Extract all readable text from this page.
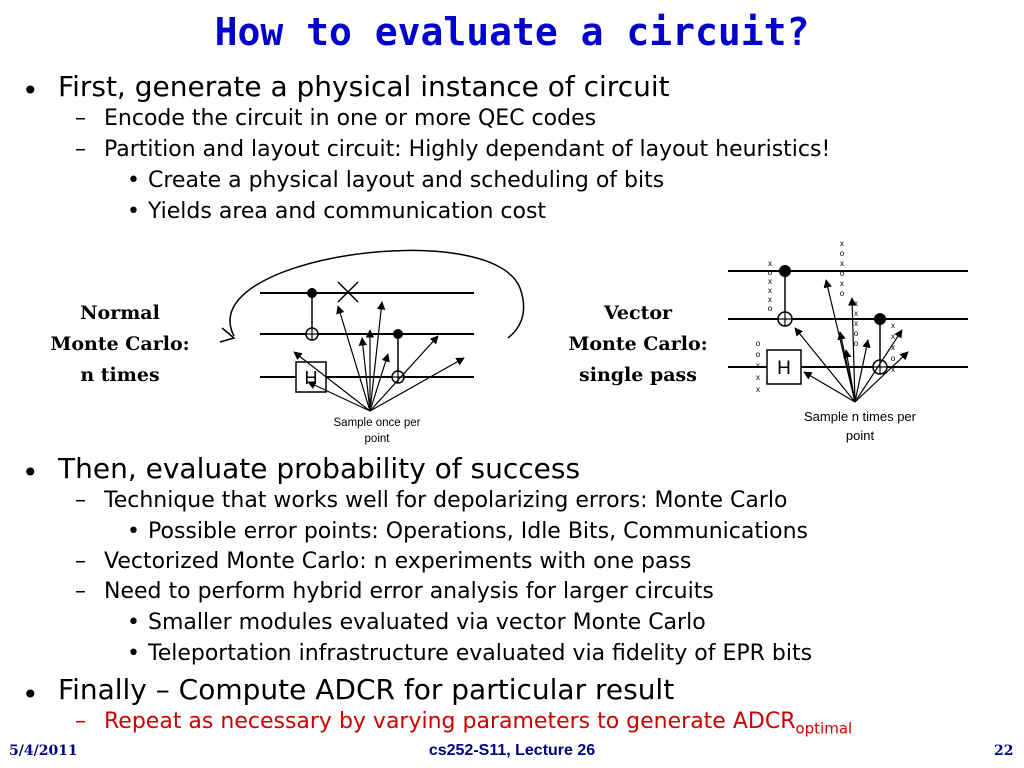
How to evaluate a circuit?
• First, generate a physical instance of circuit
– Encode the circuit in one or more QEC codes
– Partition and layout circuit: Highly dependant of layout heuristics!
• Create a physical layout and scheduling of bits
• Yields area and communication cost
Normal
Monte Carlo:
n times	H
Sample once per
point
Vector
Monte Carlo:
single pass	H
x
o
x
x
x
o
x
o
x
o
x
o
x
x
x
o
o
x
x
x
o
x
o
o
x
x
x
Sample n times per
point
• Then, evaluate probability of success
– Technique that works well for depolarizing errors: Monte Carlo
• Possible error points: Operations, Idle Bits, Communications
– Vectorized Monte Carlo: n experiments with one pass
– Need to perform hybrid error analysis for larger circuits
• Smaller modules evaluated via vector Monte Carlo
• Teleportation infrastructure evaluated via fidelity of EPR bits
• Finally – Compute ADCR for particular result
– Repeat as necessary by varying parameters to generate $ADCR_{optimal}$
5/4/2011	cs252-S11, Lecture 26	22
